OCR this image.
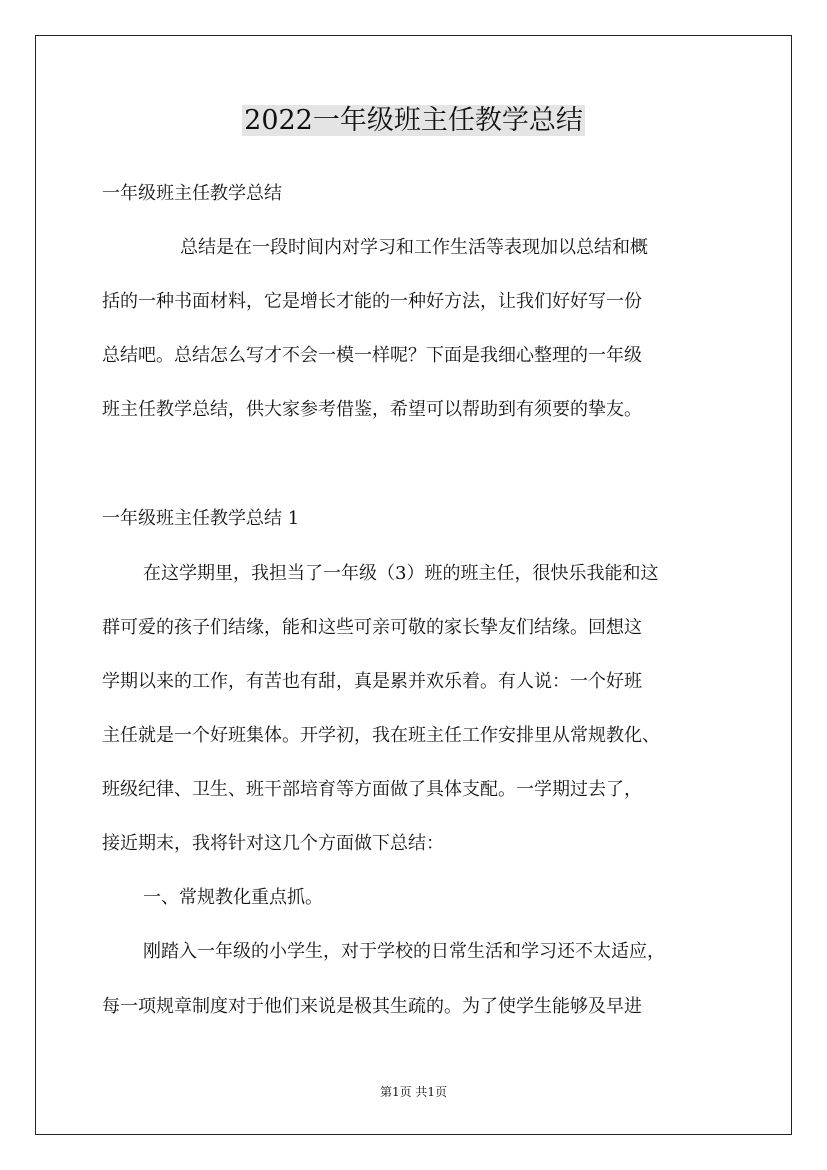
2022一年级班主任教学总结
一年级班主任教学总结
总结是在一段时间内对学习和工作生活等表现加以总结和概
括的一种书面材料，它是增长才能的一种好方法，让我们好好写一份
总结吧。总结怎么写才不会一模一样呢？下面是我细心整理的一年级
班主任教学总结，供大家参考借鉴，希望可以帮助到有须要的挚友。
一年级班主任教学总结 1
在这学期里，我担当了一年级（3）班的班主任，很快乐我能和这
群可爱的孩子们结缘，能和这些可亲可敬的家长挚友们结缘。回想这
学期以来的工作，有苦也有甜，真是累并欢乐着。有人说：一个好班
主任就是一个好班集体。开学初，我在班主任工作安排里从常规教化、
班级纪律、卫生、班干部培育等方面做了具体支配。一学期过去了，
接近期末，我将针对这几个方面做下总结：
一、常规教化重点抓。
刚踏入一年级的小学生，对于学校的日常生活和学习还不太适应，
每一项规章制度对于他们来说是极其生疏的。为了使学生能够及早进
第1页 共1页
